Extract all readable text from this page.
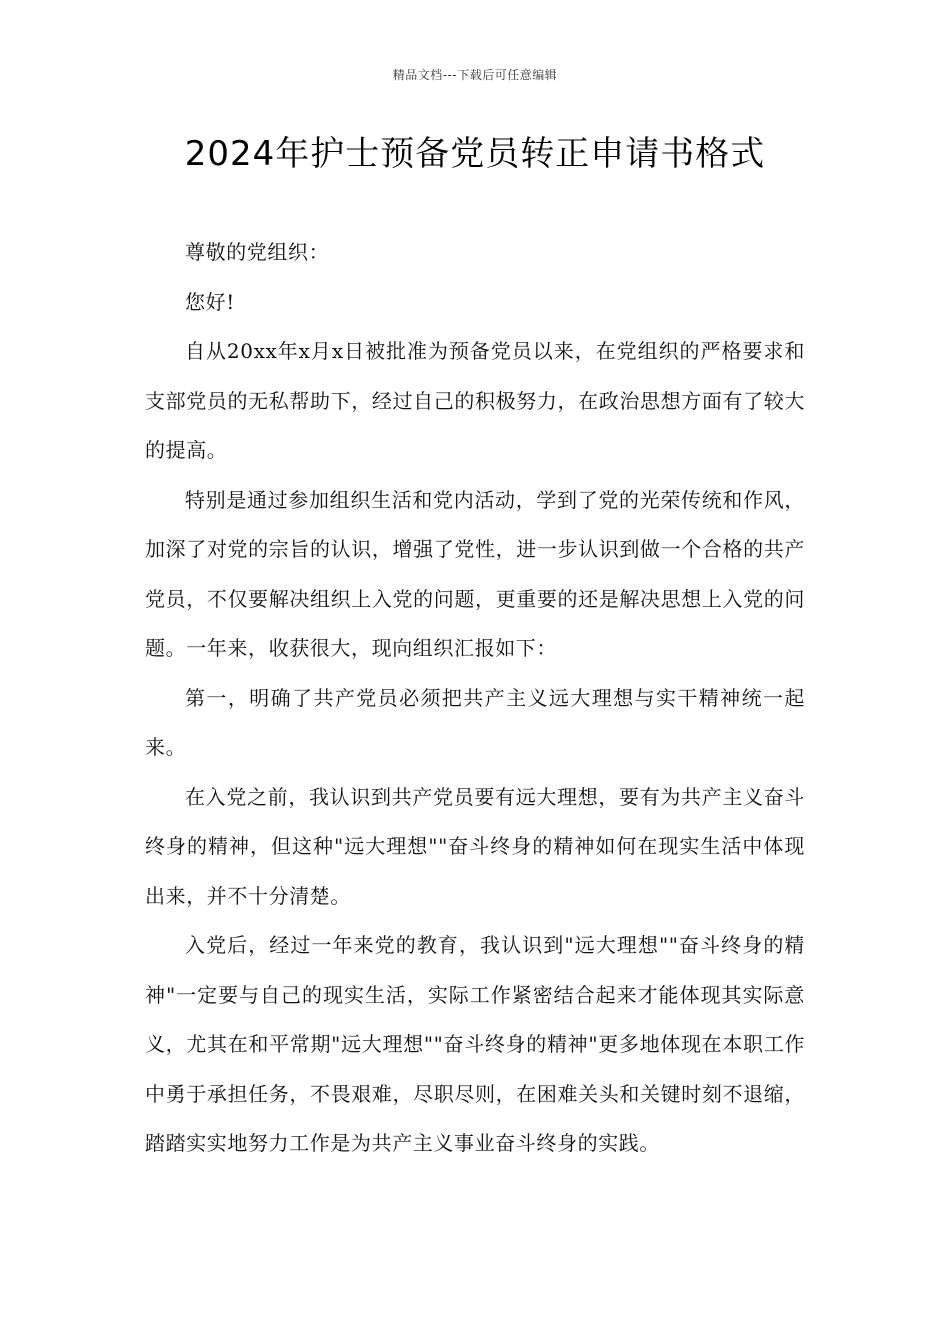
精品文档---下载后可任意编辑
2024年护士预备党员转正申请书格式

尊敬的党组织：

您好!

自从20xx年x月x日被批准为预备党员以来，在党组织的严格要求和支部党员的无私帮助下，经过自己的积极努力，在政治思想方面有了较大的提高。

特别是通过参加组织生活和党内活动，学到了党的光荣传统和作风，加深了对党的宗旨的认识，增强了党性，进一步认识到做一个合格的共产党员，不仅要解决组织上入党的问题，更重要的还是解决思想上入党的问题。一年来，收获很大，现向组织汇报如下：

第一，明确了共产党员必须把共产主义远大理想与实干精神统一起来。

在入党之前，我认识到共产党员要有远大理想，要有为共产主义奋斗终身的精神，但这种"远大理想""奋斗终身的精神如何在现实生活中体现出来，并不十分清楚。

入党后，经过一年来党的教育，我认识到"远大理想""奋斗终身的精神"一定要与自己的现实生活，实际工作紧密结合起来才能体现其实际意义，尤其在和平常期"远大理想""奋斗终身的精神"更多地体现在本职工作中勇于承担任务，不畏艰难，尽职尽则，在困难关头和关键时刻不退缩，踏踏实实地努力工作是为共产主义事业奋斗终身的实践。
